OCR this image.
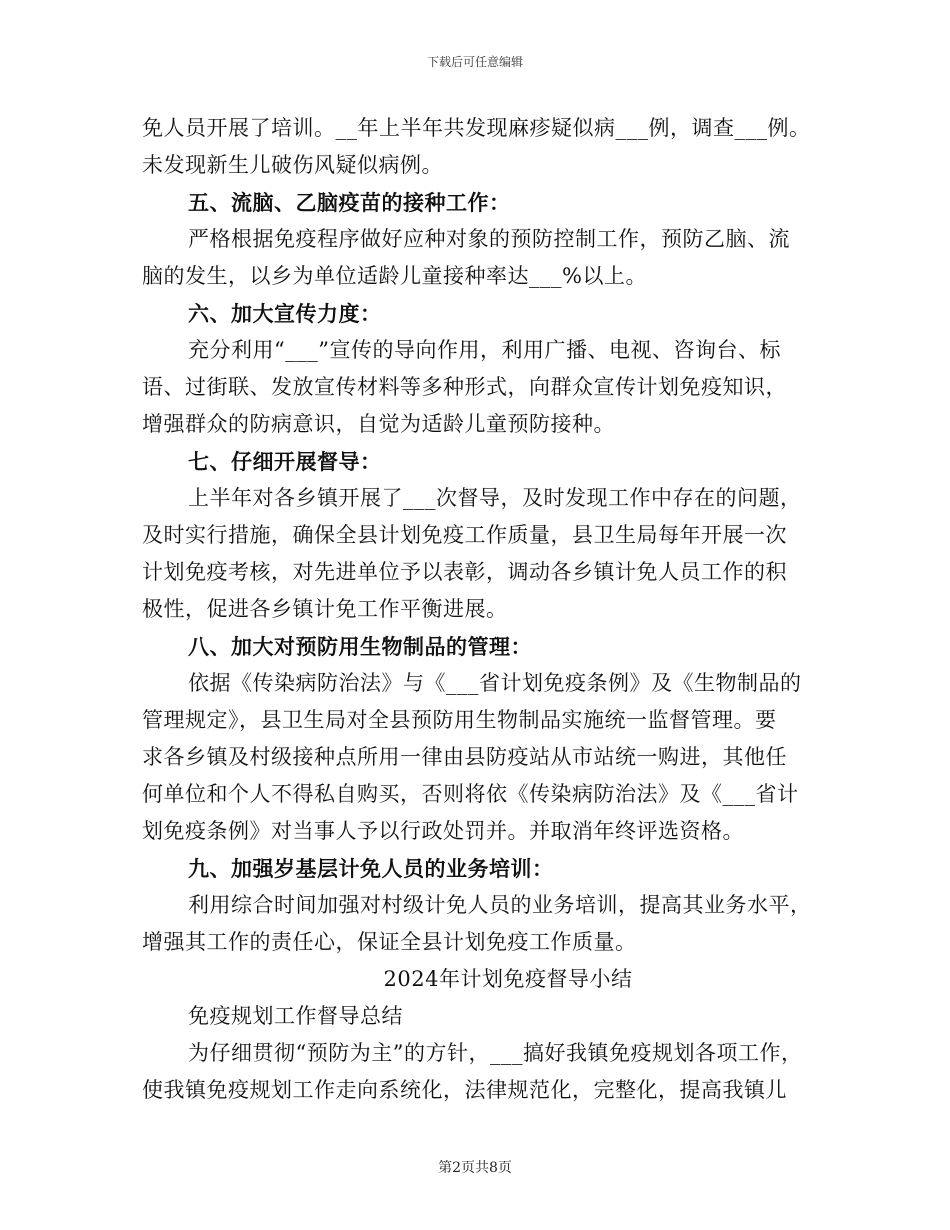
下载后可任意编辑
免人员开展了培训。__年上半年共发现麻疹疑似病___例，调查___例。
未发现新生儿破伤风疑似病例。
五、流脑、乙脑疫苗的接种工作：
严格根据免疫程序做好应种对象的预防控制工作，预防乙脑、流
脑的发生，以乡为单位适龄儿童接种率达___%以上。
六、加大宣传力度：
充分利用“___”宣传的导向作用，利用广播、电视、咨询台、标
语、过街联、发放宣传材料等多种形式，向群众宣传计划免疫知识，
增强群众的防病意识，自觉为适龄儿童预防接种。
七、仔细开展督导：
上半年对各乡镇开展了___次督导，及时发现工作中存在的问题，
及时实行措施，确保全县计划免疫工作质量，县卫生局每年开展一次
计划免疫考核，对先进单位予以表彰，调动各乡镇计免人员工作的积
极性，促进各乡镇计免工作平衡进展。
八、加大对预防用生物制品的管理：
依据《传染病防治法》与《___省计划免疫条例》及《生物制品的
管理规定》，县卫生局对全县预防用生物制品实施统一监督管理。要
求各乡镇及村级接种点所用一律由县防疫站从市站统一购进，其他任
何单位和个人不得私自购买，否则将依《传染病防治法》及《___省计
划免疫条例》对当事人予以行政处罚并。并取消年终评选资格。
九、加强岁基层计免人员的业务培训：
利用综合时间加强对村级计免人员的业务培训，提高其业务水平，
增强其工作的责任心，保证全县计划免疫工作质量。
2024年计划免疫督导小结
免疫规划工作督导总结
为仔细贯彻“预防为主”的方针，___搞好我镇免疫规划各项工作，
使我镇免疫规划工作走向系统化，法律规范化，完整化，提高我镇儿
第2页共8页
